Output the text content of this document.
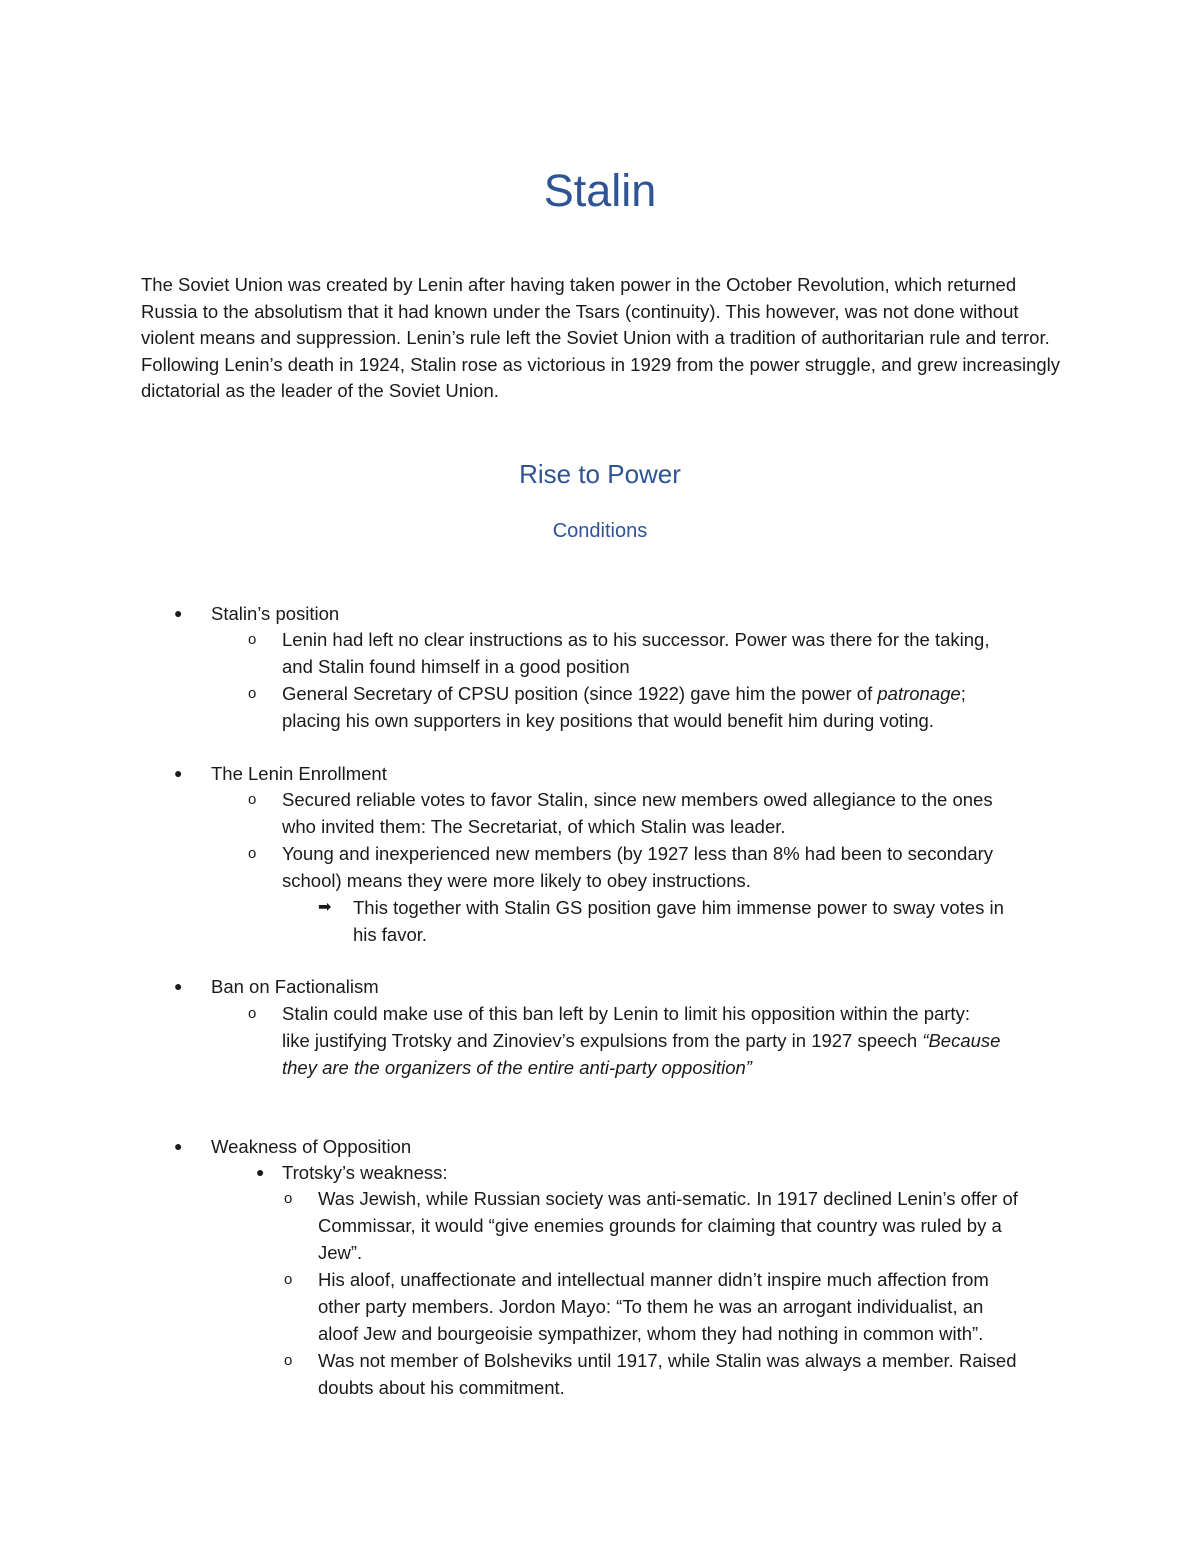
Stalin

The Soviet Union was created by Lenin after having taken power in the October Revolution, which returned Russia to the absolutism that it had known under the Tsars (continuity). This however, was not done without violent means and suppression. Lenin’s rule left the Soviet Union with a tradition of authoritarian rule and terror. Following Lenin’s death in 1924, Stalin rose as victorious in 1929 from the power struggle, and grew increasingly dictatorial as the leader of the Soviet Union.

Rise to Power
Conditions
● Stalin’s position
o Lenin had left no clear instructions as to his successor. Power was there for the taking,
and Stalin found himself in a good position
o General Secretary of CPSU position (since 1922) gave him the power of patronage;
placing his own supporters in key positions that would benefit him during voting.
● The Lenin Enrollment
o Secured reliable votes to favor Stalin, since new members owed allegiance to the ones
who invited them: The Secretariat, of which Stalin was leader.
o Young and inexperienced new members (by 1927 less than 8% had been to secondary
school) means they were more likely to obey instructions.
➡ This together with Stalin GS position gave him immense power to sway votes in
his favor.
● Ban on Factionalism
o Stalin could make use of this ban left by Lenin to limit his opposition within the party:
like justifying Trotsky and Zinoviev’s expulsions from the party in 1927 speech “Because
they are the organizers of the entire anti-party opposition”
● Weakness of Opposition
● Trotsky’s weakness:
o Was Jewish, while Russian society was anti-sematic. In 1917 declined Lenin’s offer of
Commissar, it would “give enemies grounds for claiming that country was ruled by a
Jew”.
o His aloof, unaffectionate and intellectual manner didn’t inspire much affection from
other party members. Jordon Mayo: “To them he was an arrogant individualist, an
aloof Jew and bourgeoisie sympathizer, whom they had nothing in common with”.
o Was not member of Bolsheviks until 1917, while Stalin was always a member. Raised
doubts about his commitment.
